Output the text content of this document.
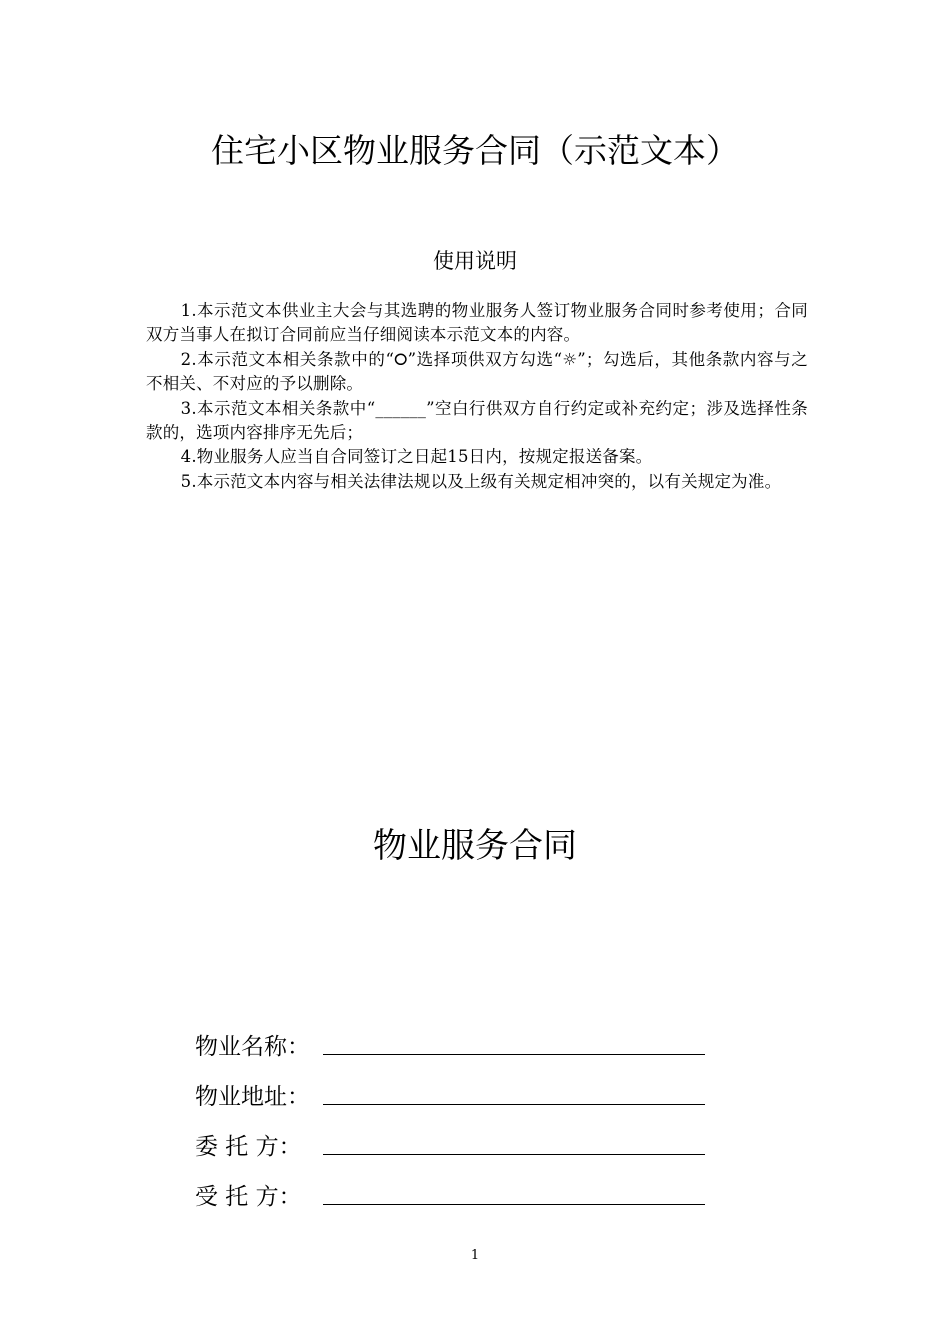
住宅小区物业服务合同（示范文本）
使用说明

1.本示范文本供业主大会与其选聘的物业服务人签订物业服务合同时参考使用；合同双方当事人在拟订合同前应当仔细阅读本示范文本的内容。

2.本示范文本相关条款中的“⭘”选择项供双方勾选“☼”；勾选后，其他条款内容与之不相关、不对应的予以删除。

3.本示范文本相关条款中“______”空白行供双方自行约定或补充约定；涉及选择性条款的，选项内容排序无先后；

4.物业服务人应当自合同签订之日起15日内，按规定报送备案。

5.本示范文本内容与相关法律法规以及上级有关规定相冲突的，以有关规定为准。

物业服务合同
物业名称：
物业地址：
委 托 方：
受 托 方：
1
